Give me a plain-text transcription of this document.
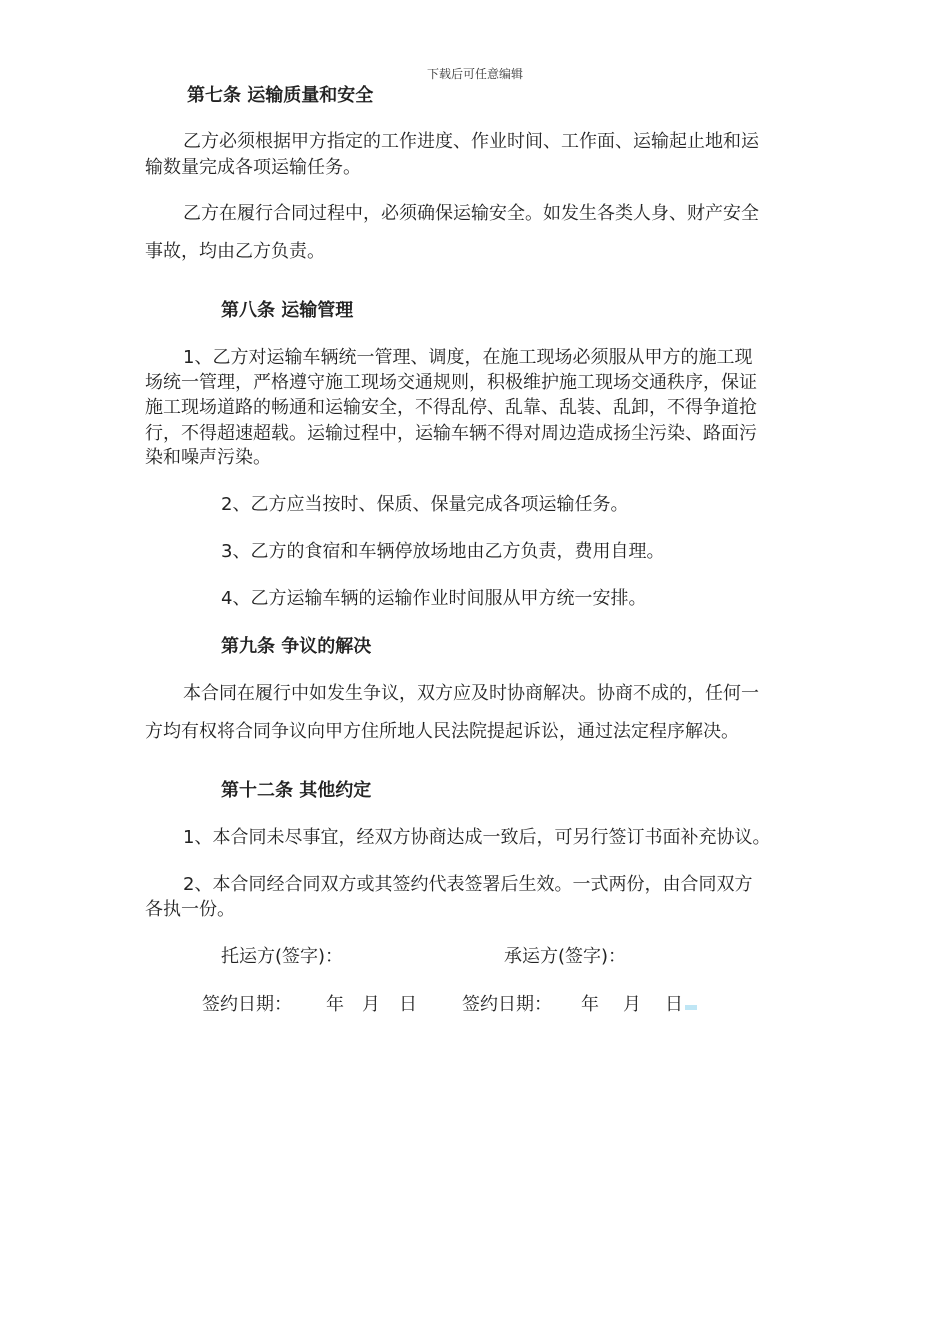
下载后可任意编辑
第七条 运输质量和安全
乙方必须根据甲方指定的工作进度、作业时间、工作面、运输起止地和运
输数量完成各项运输任务。
乙方在履行合同过程中，必须确保运输安全。如发生各类人身、财产安全
事故，均由乙方负责。
第八条 运输管理
1、乙方对运输车辆统一管理、调度，在施工现场必须服从甲方的施工现
场统一管理，严格遵守施工现场交通规则，积极维护施工现场交通秩序，保证
施工现场道路的畅通和运输安全，不得乱停、乱靠、乱装、乱卸，不得争道抢
行，不得超速超载。运输过程中，运输车辆不得对周边造成扬尘污染、路面污
染和噪声污染。
2、乙方应当按时、保质、保量完成各项运输任务。
3、乙方的食宿和车辆停放场地由乙方负责，费用自理。
4、乙方运输车辆的运输作业时间服从甲方统一安排。
第九条 争议的解决
本合同在履行中如发生争议，双方应及时协商解决。协商不成的，任何一
方均有权将合同争议向甲方住所地人民法院提起诉讼，通过法定程序解决。
第十二条 其他约定
1、本合同未尽事宜，经双方协商达成一致后，可另行签订书面补充协议。
2、本合同经合同双方或其签约代表签署后生效。一式两份，由合同双方
各执一份。
托运方(签字)：	承运方(签字)：
签约日期： 年 月 日	签约日期： 年 月 日
